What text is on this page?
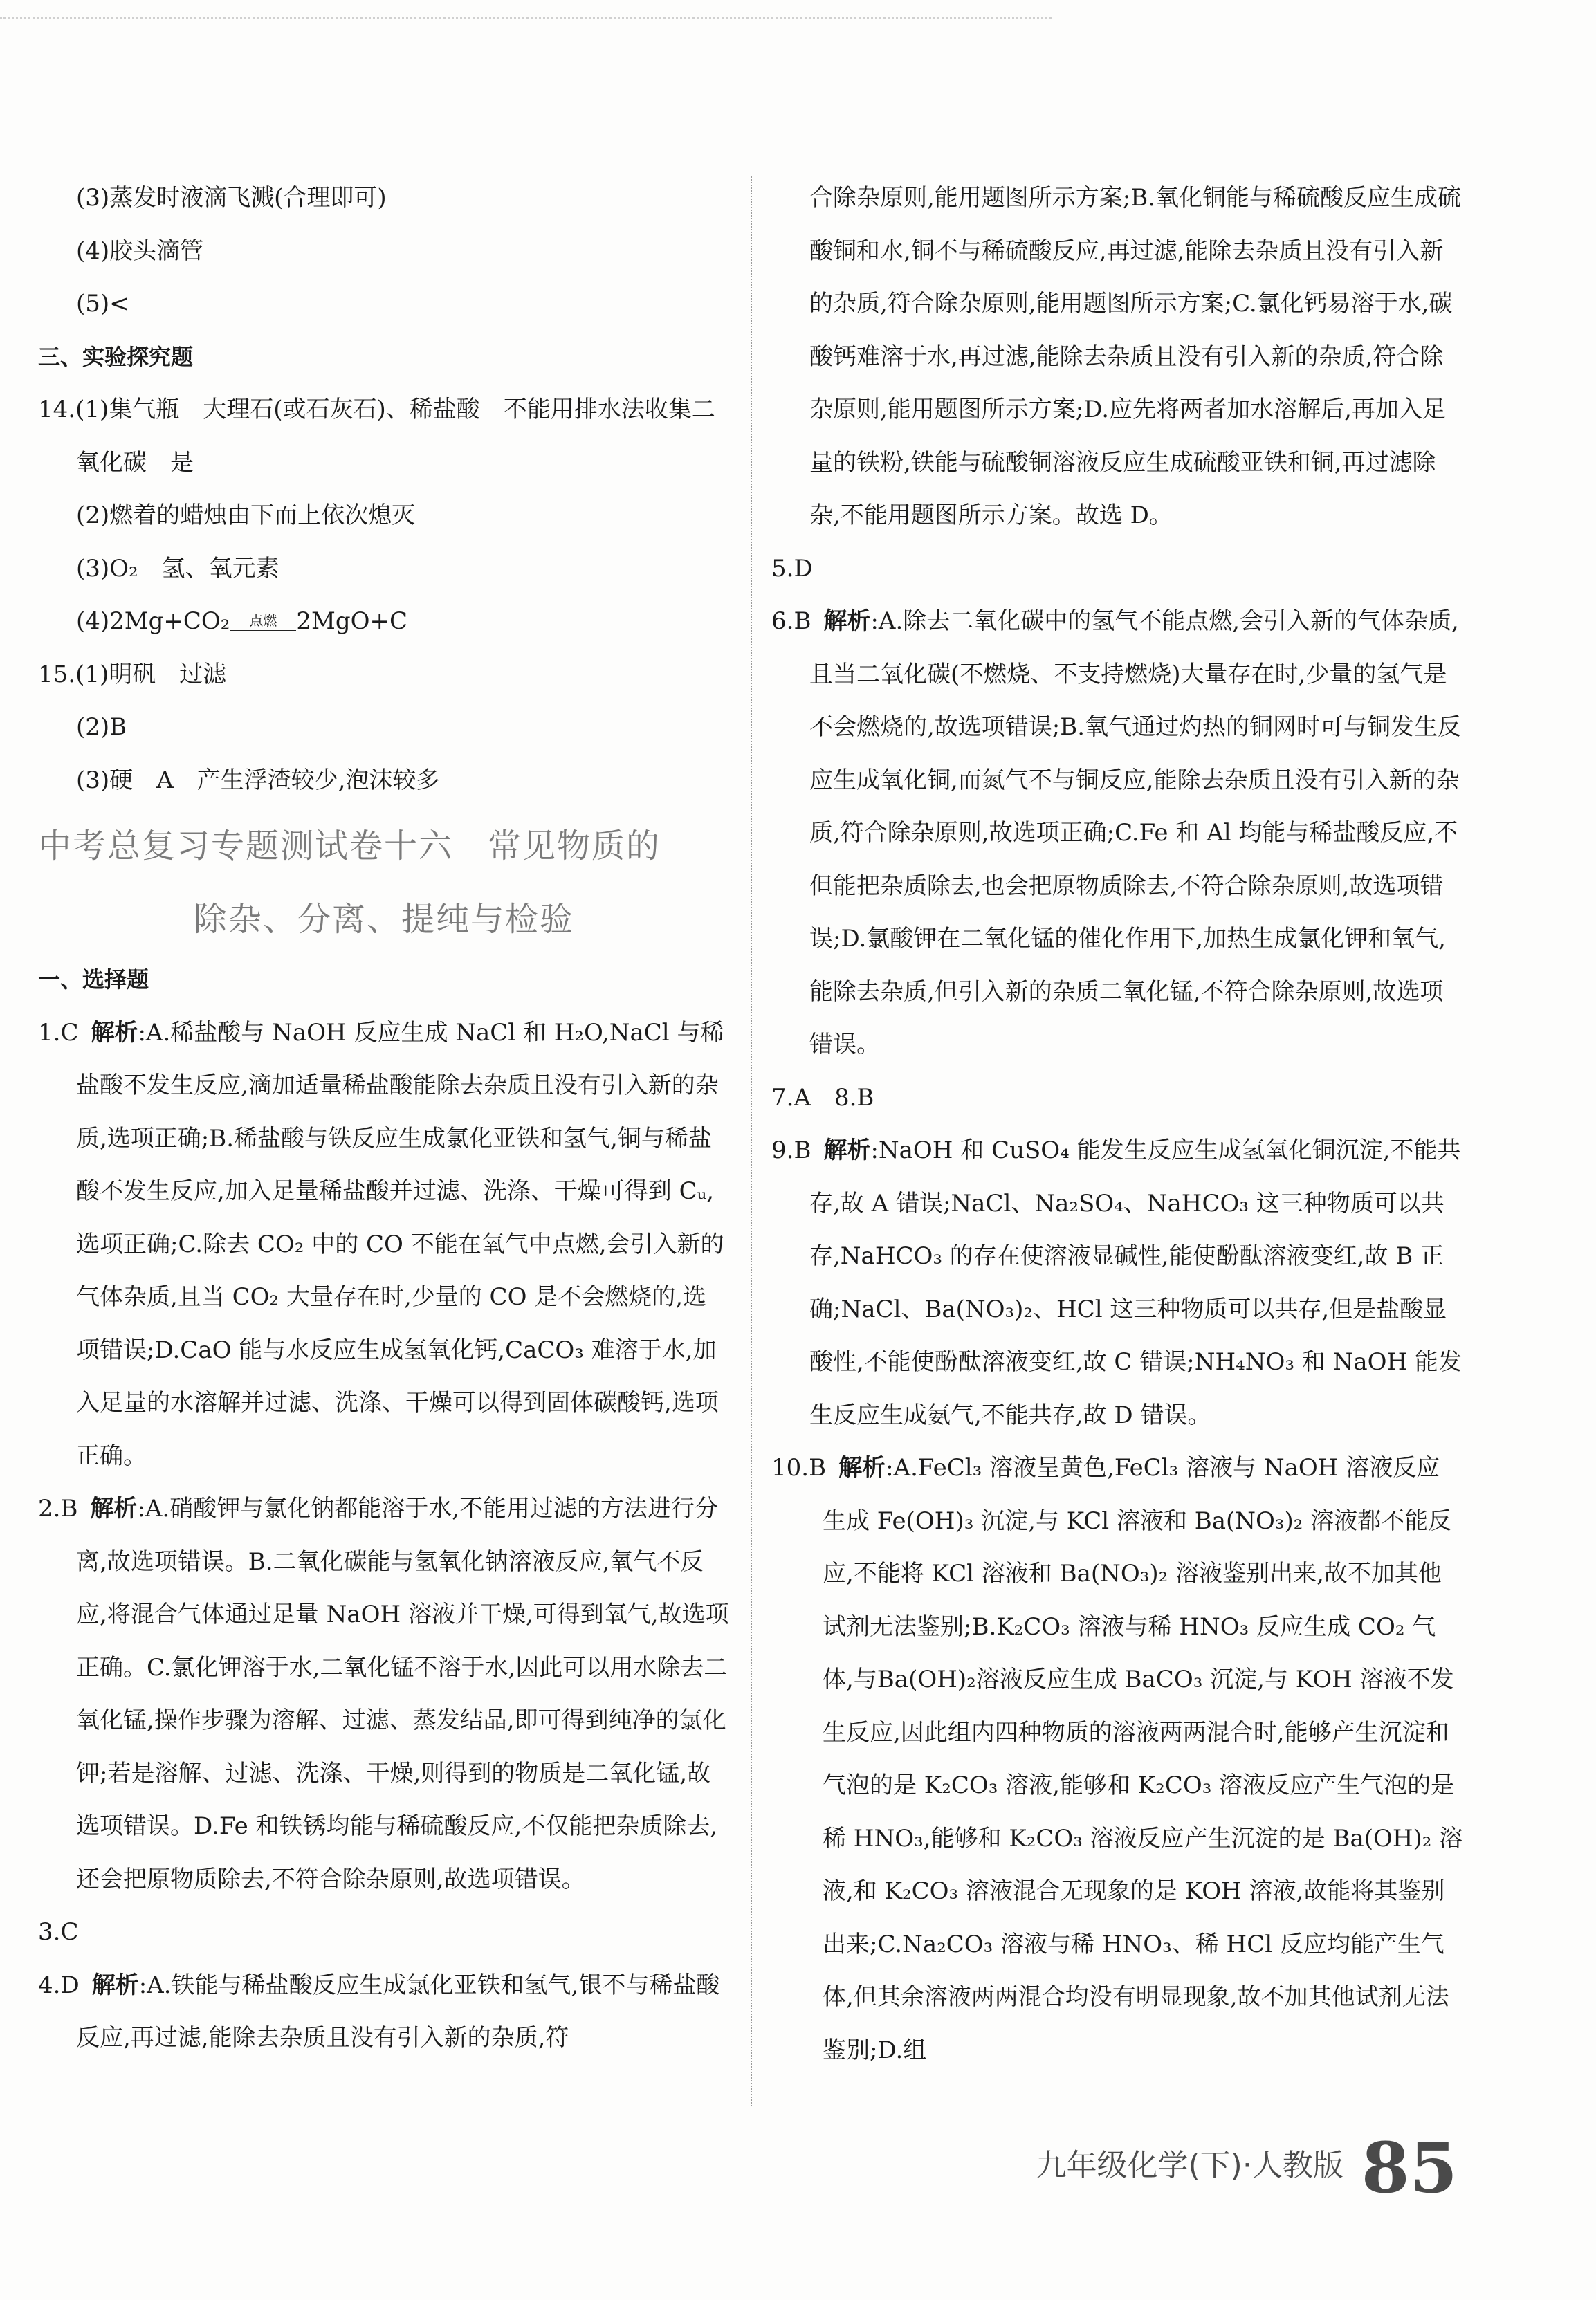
(3)蒸发时液滴飞溅(合理即可)

(4)胶头滴管

(5)<

三、实验探究题

14.(1)集气瓶　大理石(或石灰石)、稀盐酸　不能用排水法收集二氧化碳　是

(2)燃着的蜡烛由下而上依次熄灭

(3)O₂　氢、氧元素

(4)2Mg+CO₂	点燃 2MgO+C

15.(1)明矾　过滤

(2)B

(3)硬　A　产生浮渣较少,泡沫较多

中考总复习专题测试卷十六　常见物质的

除杂、分离、提纯与检验

一、选择题

1.C 解析:A.稀盐酸与 NaOH 反应生成 NaCl 和 H₂O,NaCl 与稀盐酸不发生反应,滴加适量稀盐酸能除去杂质且没有引入新的杂质,选项正确;B.稀盐酸与铁反应生成氯化亚铁和氢气,铜与稀盐酸不发生反应,加入足量稀盐酸并过滤、洗涤、干燥可得到 Cᵤ,选项正确;C.除去 CO₂ 中的 CO 不能在氧气中点燃,会引入新的气体杂质,且当 CO₂ 大量存在时,少量的 CO 是不会燃烧的,选项错误;D.CaO 能与水反应生成氢氧化钙,CaCO₃ 难溶于水,加入足量的水溶解并过滤、洗涤、干燥可以得到固体碳酸钙,选项正确。

2.B 解析:A.硝酸钾与氯化钠都能溶于水,不能用过滤的方法进行分离,故选项错误。B.二氧化碳能与氢氧化钠溶液反应,氧气不反应,将混合气体通过足量 NaOH 溶液并干燥,可得到氧气,故选项正确。C.氯化钾溶于水,二氧化锰不溶于水,因此可以用水除去二氧化锰,操作步骤为溶解、过滤、蒸发结晶,即可得到纯净的氯化钾;若是溶解、过滤、洗涤、干燥,则得到的物质是二氧化锰,故选项错误。D.Fe 和铁锈均能与稀硫酸反应,不仅能把杂质除去,还会把原物质除去,不符合除杂原则,故选项错误。

3.C

4.D 解析:A.铁能与稀盐酸反应生成氯化亚铁和氢气,银不与稀盐酸反应,再过滤,能除去杂质且没有引入新的杂质,符

合除杂原则,能用题图所示方案;B.氧化铜能与稀硫酸反应生成硫酸铜和水,铜不与稀硫酸反应,再过滤,能除去杂质且没有引入新的杂质,符合除杂原则,能用题图所示方案;C.氯化钙易溶于水,碳酸钙难溶于水,再过滤,能除去杂质且没有引入新的杂质,符合除杂原则,能用题图所示方案;D.应先将两者加水溶解后,再加入足量的铁粉,铁能与硫酸铜溶液反应生成硫酸亚铁和铜,再过滤除杂,不能用题图所示方案。故选 D。

5.D

6.B 解析:A.除去二氧化碳中的氢气不能点燃,会引入新的气体杂质,且当二氧化碳(不燃烧、不支持燃烧)大量存在时,少量的氢气是不会燃烧的,故选项错误;B.氧气通过灼热的铜网时可与铜发生反应生成氧化铜,而氮气不与铜反应,能除去杂质且没有引入新的杂质,符合除杂原则,故选项正确;C.Fe 和 Al 均能与稀盐酸反应,不但能把杂质除去,也会把原物质除去,不符合除杂原则,故选项错误;D.氯酸钾在二氧化锰的催化作用下,加热生成氯化钾和氧气,能除去杂质,但引入新的杂质二氧化锰,不符合除杂原则,故选项错误。

7.A　8.B

9.B 解析:NaOH 和 CuSO₄ 能发生反应生成氢氧化铜沉淀,不能共存,故 A 错误;NaCl、Na₂SO₄、NaHCO₃ 这三种物质可以共存,NaHCO₃ 的存在使溶液显碱性,能使酚酞溶液变红,故 B 正确;NaCl、Ba(NO₃)₂、HCl 这三种物质可以共存,但是盐酸显酸性,不能使酚酞溶液变红,故 C 错误;NH₄NO₃ 和 NaOH 能发生反应生成氨气,不能共存,故 D 错误。

10.B 解析:A.FeCl₃ 溶液呈黄色,FeCl₃ 溶液与 NaOH 溶液反应生成 Fe(OH)₃ 沉淀,与 KCl 溶液和 Ba(NO₃)₂ 溶液都不能反应,不能将 KCl 溶液和 Ba(NO₃)₂ 溶液鉴别出来,故不加其他试剂无法鉴别;B.K₂CO₃ 溶液与稀 HNO₃ 反应生成 CO₂ 气体,与Ba(OH)₂溶液反应生成 BaCO₃ 沉淀,与 KOH 溶液不发生反应,因此组内四种物质的溶液两两混合时,能够产生沉淀和气泡的是 K₂CO₃ 溶液,能够和 K₂CO₃ 溶液反应产生气泡的是稀 HNO₃,能够和 K₂CO₃ 溶液反应产生沉淀的是 Ba(OH)₂ 溶液,和 K₂CO₃ 溶液混合无现象的是 KOH 溶液,故能将其鉴别出来;C.Na₂CO₃ 溶液与稀 HNO₃、稀 HCl 反应均能产生气体,但其余溶液两两混合均没有明显现象,故不加其他试剂无法鉴别;D.组

九年级化学(下)·人教版 85
